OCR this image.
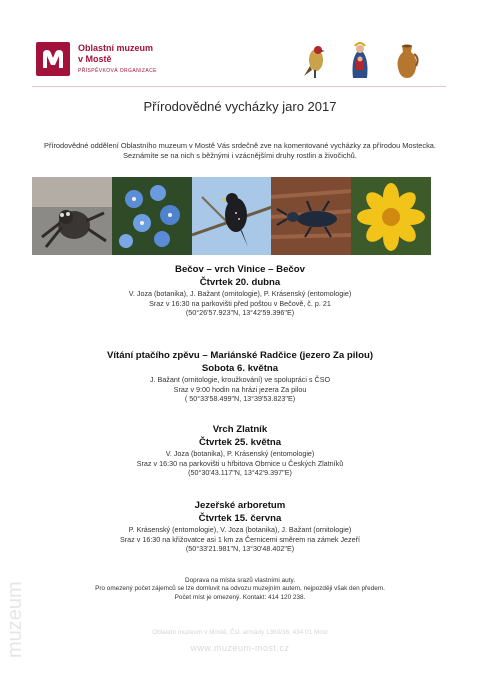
Oblastní muzeum
v Mostě
PŘÍSPĚVKOVÁ ORGANIZACE
Přírodovědné vycházky jaro 2017
Přírodovědné oddělení Oblastního muzeum v Mostě Vás srdečně zve na komentované vycházky za přírodou Mostecka. Seznámíte se na nich s běžnými i vzácnějšími druhy rostlin a živočichů.
Bečov – vrch Vinice – Bečov
Čtvrtek 20. dubna
V. Joza (botanika), J. Bažant (ornitologie), P. Krásenský (entomologie)
Sraz v 16:30 na parkovišti před poštou v Bečově, č. p. 21
(50°26'57.923"N, 13°42'59.396"E)
Vítání ptačího zpěvu – Mariánské Radčice (jezero Za pilou)
Sobota 6. května
J. Bažant (ornitologie, kroužkování) ve spolupráci s ČSO
Sraz v 9:00 hodin na hrázi jezera Za pilou
( 50°33'58.499"N, 13°39'53.823"E)
Vrch Zlatník
Čtvrtek 25. května
V. Joza (botanika), P. Krásenský (entomologie)
Sraz v 16:30 na parkovišti u hřbitova Obrnice u Českých Zlatníků
(50°30'43.117"N, 13°42'9.397"E)
Jezeřské arboretum
Čtvrtek 15. června
P. Krásenský (entomologie), V. Joza (botanika), J. Bažant (ornitologie)
Sraz v 16:30 na křižovatce asi 1 km za Černicemi směrem na zámek Jezeří
(50°33'21.981"N, 13°30'48.402"E)
Doprava na místa srazů vlastními auty.
Pro omezený počet zájemců se lze domluvit na odvozu muzejním autem, nejpozději však den předem.
Počet míst je omezený. Kontakt: 414 120 238.
Oblastní muzeum v Mostě, Čsl. armády 1360/36, 434 01 Most
www.muzeum-most.cz
muzeum
